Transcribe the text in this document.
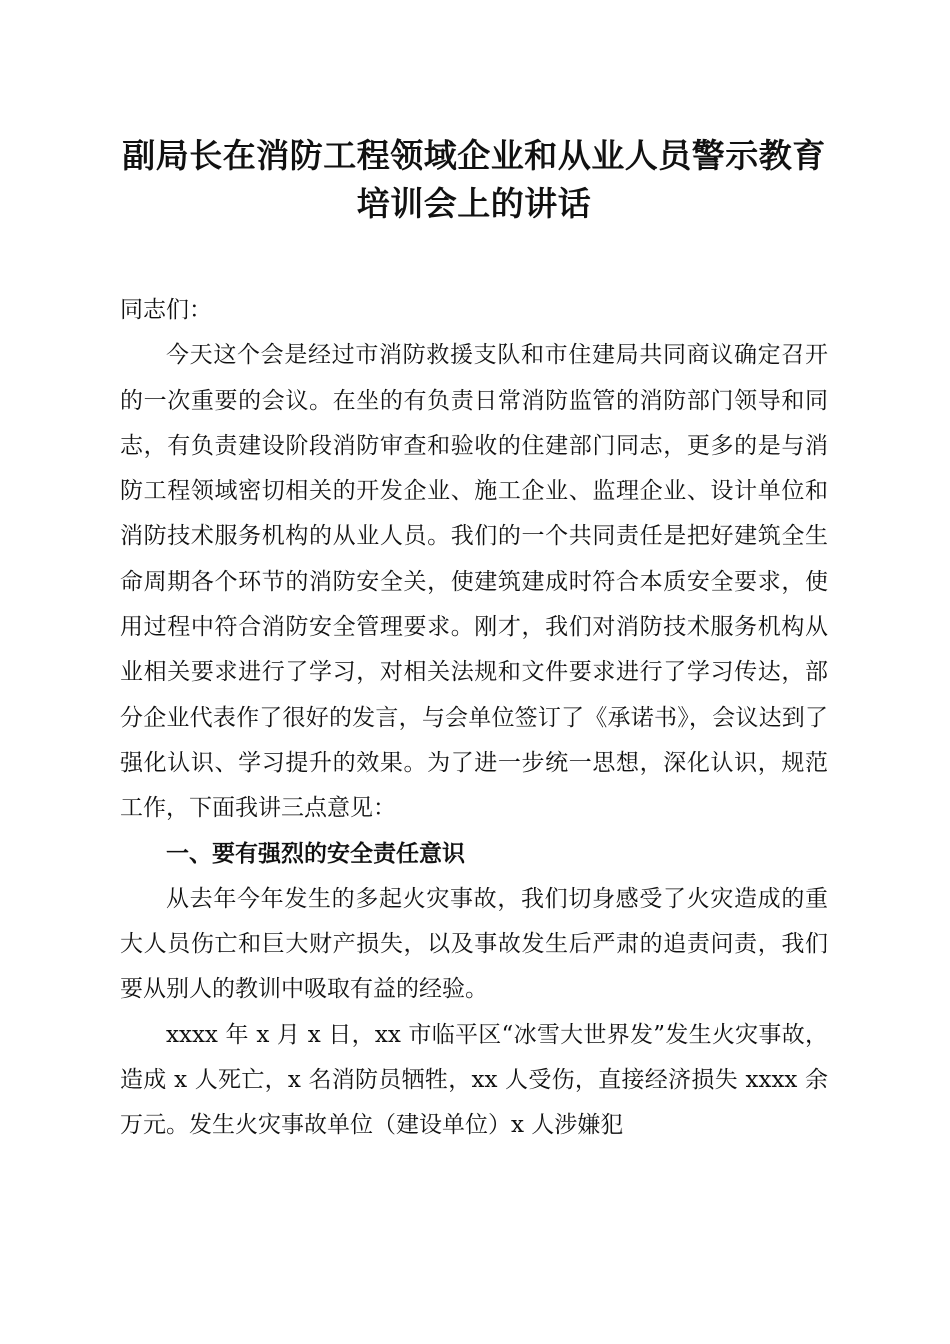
副局长在消防工程领域企业和从业人员警示教育培训会上的讲话

同志们：

今天这个会是经过市消防救援支队和市住建局共同商议确定召开的一次重要的会议。在坐的有负责日常消防监管的消防部门领导和同志，有负责建设阶段消防审查和验收的住建部门同志，更多的是与消防工程领域密切相关的开发企业、施工企业、监理企业、设计单位和消防技术服务机构的从业人员。我们的一个共同责任是把好建筑全生命周期各个环节的消防安全关，使建筑建成时符合本质安全要求，使用过程中符合消防安全管理要求。刚才，我们对消防技术服务机构从业相关要求进行了学习，对相关法规和文件要求进行了学习传达，部分企业代表作了很好的发言，与会单位签订了《承诺书》，会议达到了强化认识、学习提升的效果。为了进一步统一思想，深化认识，规范工作，下面我讲三点意见：

一、要有强烈的安全责任意识

从去年今年发生的多起火灾事故，我们切身感受了火灾造成的重大人员伤亡和巨大财产损失，以及事故发生后严肃的追责问责，我们要从别人的教训中吸取有益的经验。

xxxx 年 x 月 x 日，xx 市临平区“冰雪大世界发”发生火灾事故，造成 x 人死亡，x 名消防员牺牲，xx 人受伤，直接经济损失 xxxx 余万元。发生火灾事故单位（建设单位）x 人涉嫌犯
